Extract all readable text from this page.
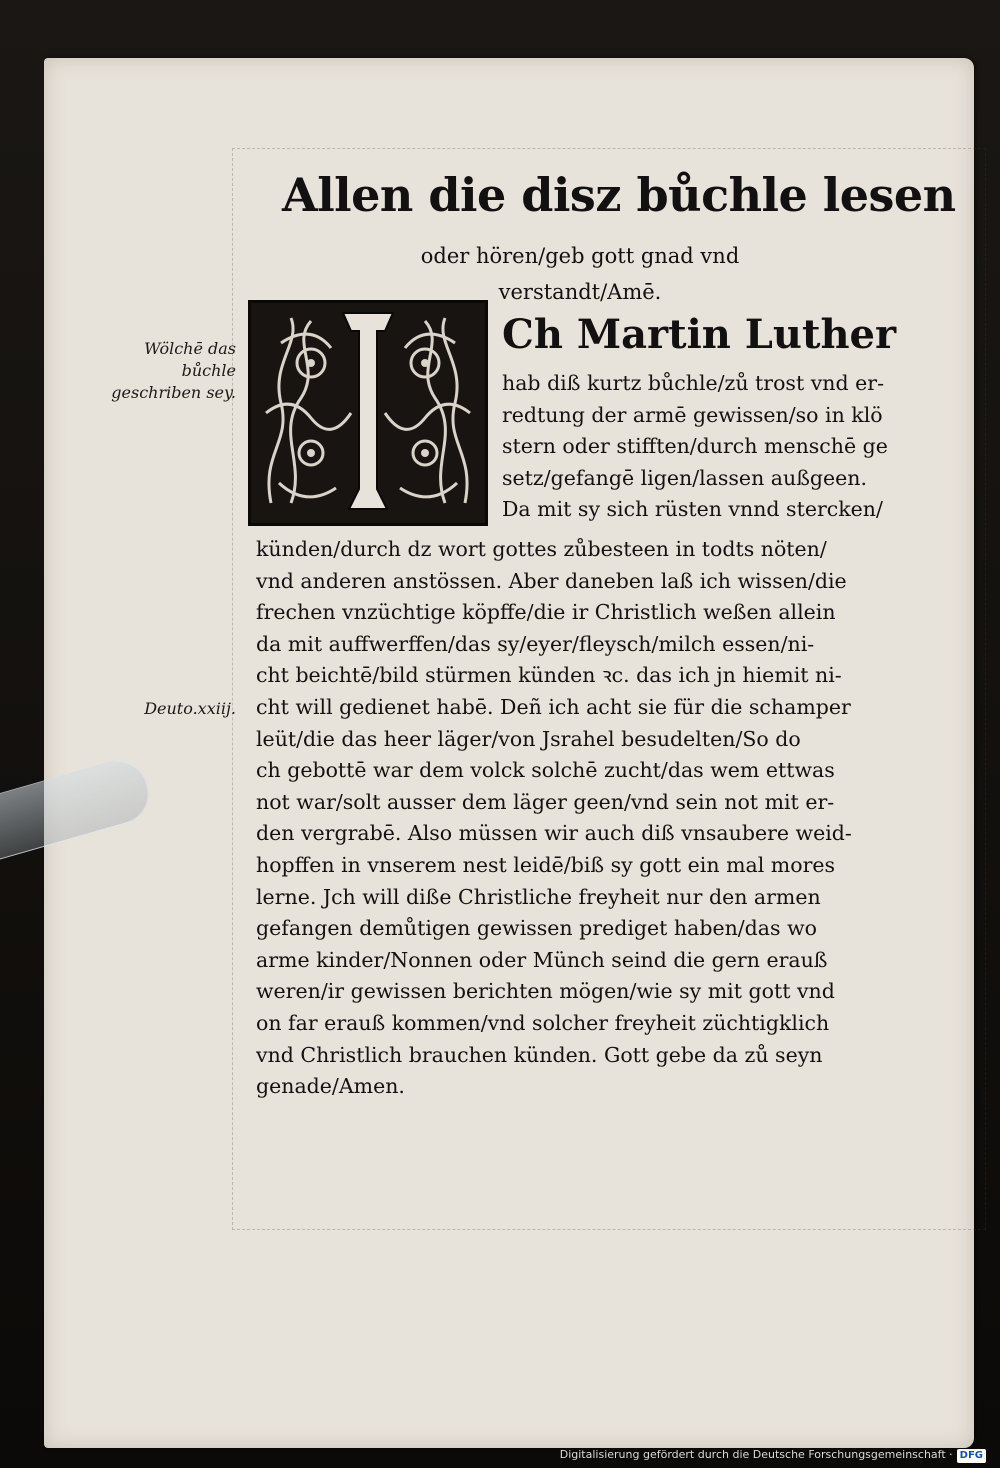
Allen die disz bůchle lesen
oder hören/geb gott gnad vnd verstandt/Amē.
Wölchē das bůchle geschriben sey.
Deuto.xxiij.
Ch Martin Luther
hab diß kurtz bůchle/zů trost vnd er-
redtung der armē gewissen/so in klö
stern oder stifften/durch menschē ge
setz/gefangē ligen/lassen außgeen.
Da mit sy sich rüsten vnnd stercken/
künden/durch dz wort gottes zůbesteen in todts nöten/
vnd anderen anstössen. Aber daneben laß ich wissen/die
frechen vnzüchtige köpffe/die ir Christlich weßen allein
da mit auffwerffen/das sy/eyer/fleysch/milch essen/ni-
cht beichtē/bild stürmen künden ꝛc. das ich jn hiemit ni-
cht will gedienet habē. Deñ ich acht sie für die schamper
leüt/die das heer läger/von Jsrahel besudelten/So do
ch gebottē war dem volck solchē zucht/das wem ettwas
not war/solt ausser dem läger geen/vnd sein not mit er-
den vergrabē. Also müssen wir auch diß vnsaubere weid-
hopffen in vnserem nest leidē/biß sy gott ein mal mores
lerne. Jch will diße Christliche freyheit nur den armen
gefangen demůtigen gewissen prediget haben/das wo
arme kinder/Nonnen oder Münch seind die gern erauß
weren/ir gewissen berichten mögen/wie sy mit gott vnd
on far erauß kommen/vnd solcher freyheit züchtigklich
vnd Christlich brauchen künden. Gott gebe da zů seyn
genade/Amen.
Digitalisierung gefördert durch die Deutsche Forschungsgemeinschaft · DFG
